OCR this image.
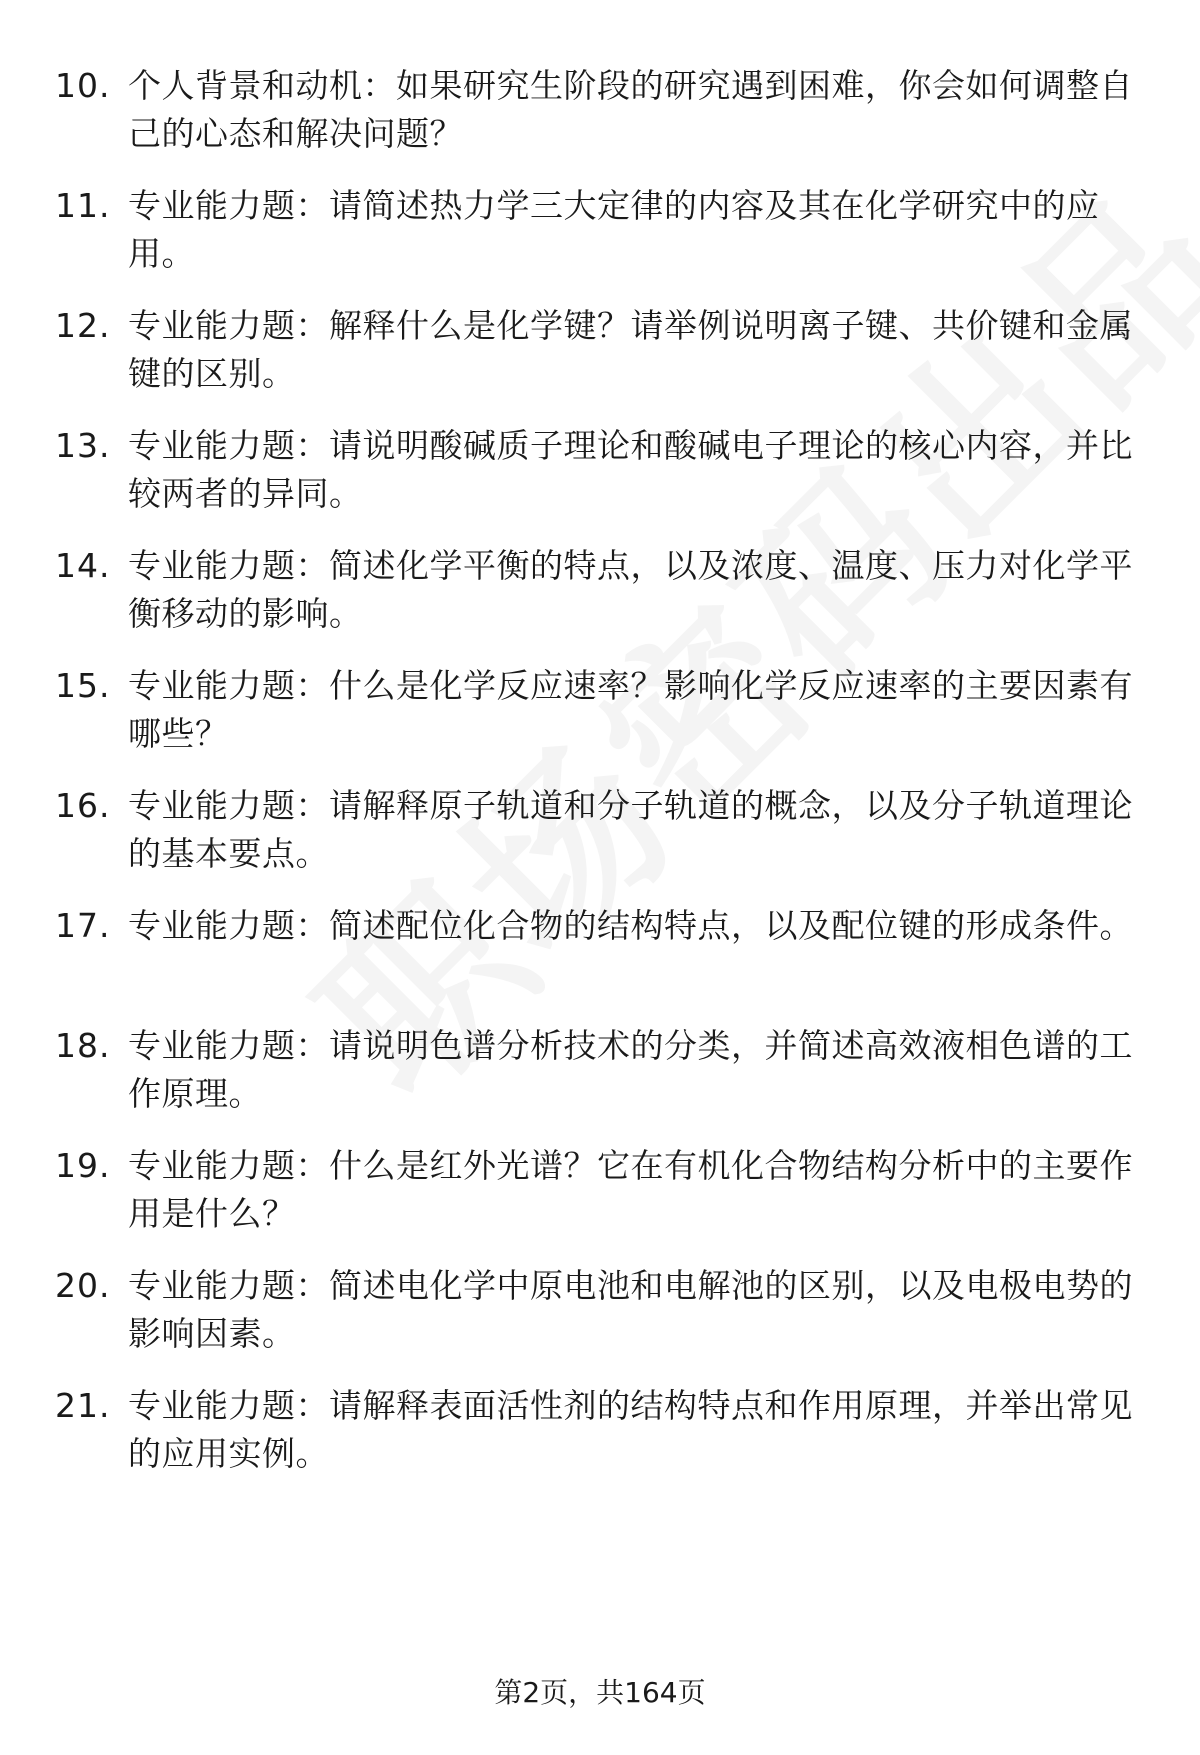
10. 个人背景和动机：如果研究生阶段的研究遇到困难，你会如何调整自己的心态和解决问题？
11. 专业能力题：请简述热力学三大定律的内容及其在化学研究中的应用。
12. 专业能力题：解释什么是化学键？请举例说明离子键、共价键和金属键的区别。
13. 专业能力题：请说明酸碱质子理论和酸碱电子理论的核心内容，并比较两者的异同。
14. 专业能力题：简述化学平衡的特点，以及浓度、温度、压力对化学平衡移动的影响。
15. 专业能力题：什么是化学反应速率？影响化学反应速率的主要因素有哪些？
16. 专业能力题：请解释原子轨道和分子轨道的概念，以及分子轨道理论的基本要点。
17. 专业能力题：简述配位化合物的结构特点，以及配位键的形成条件。
18. 专业能力题：请说明色谱分析技术的分类，并简述高效液相色谱的工作原理。
19. 专业能力题：什么是红外光谱？它在有机化合物结构分析中的主要作用是什么？
20. 专业能力题：简述电化学中原电池和电解池的区别，以及电极电势的影响因素。
21. 专业能力题：请解释表面活性剂的结构特点和作用原理，并举出常见的应用实例。
第2页，共164页
